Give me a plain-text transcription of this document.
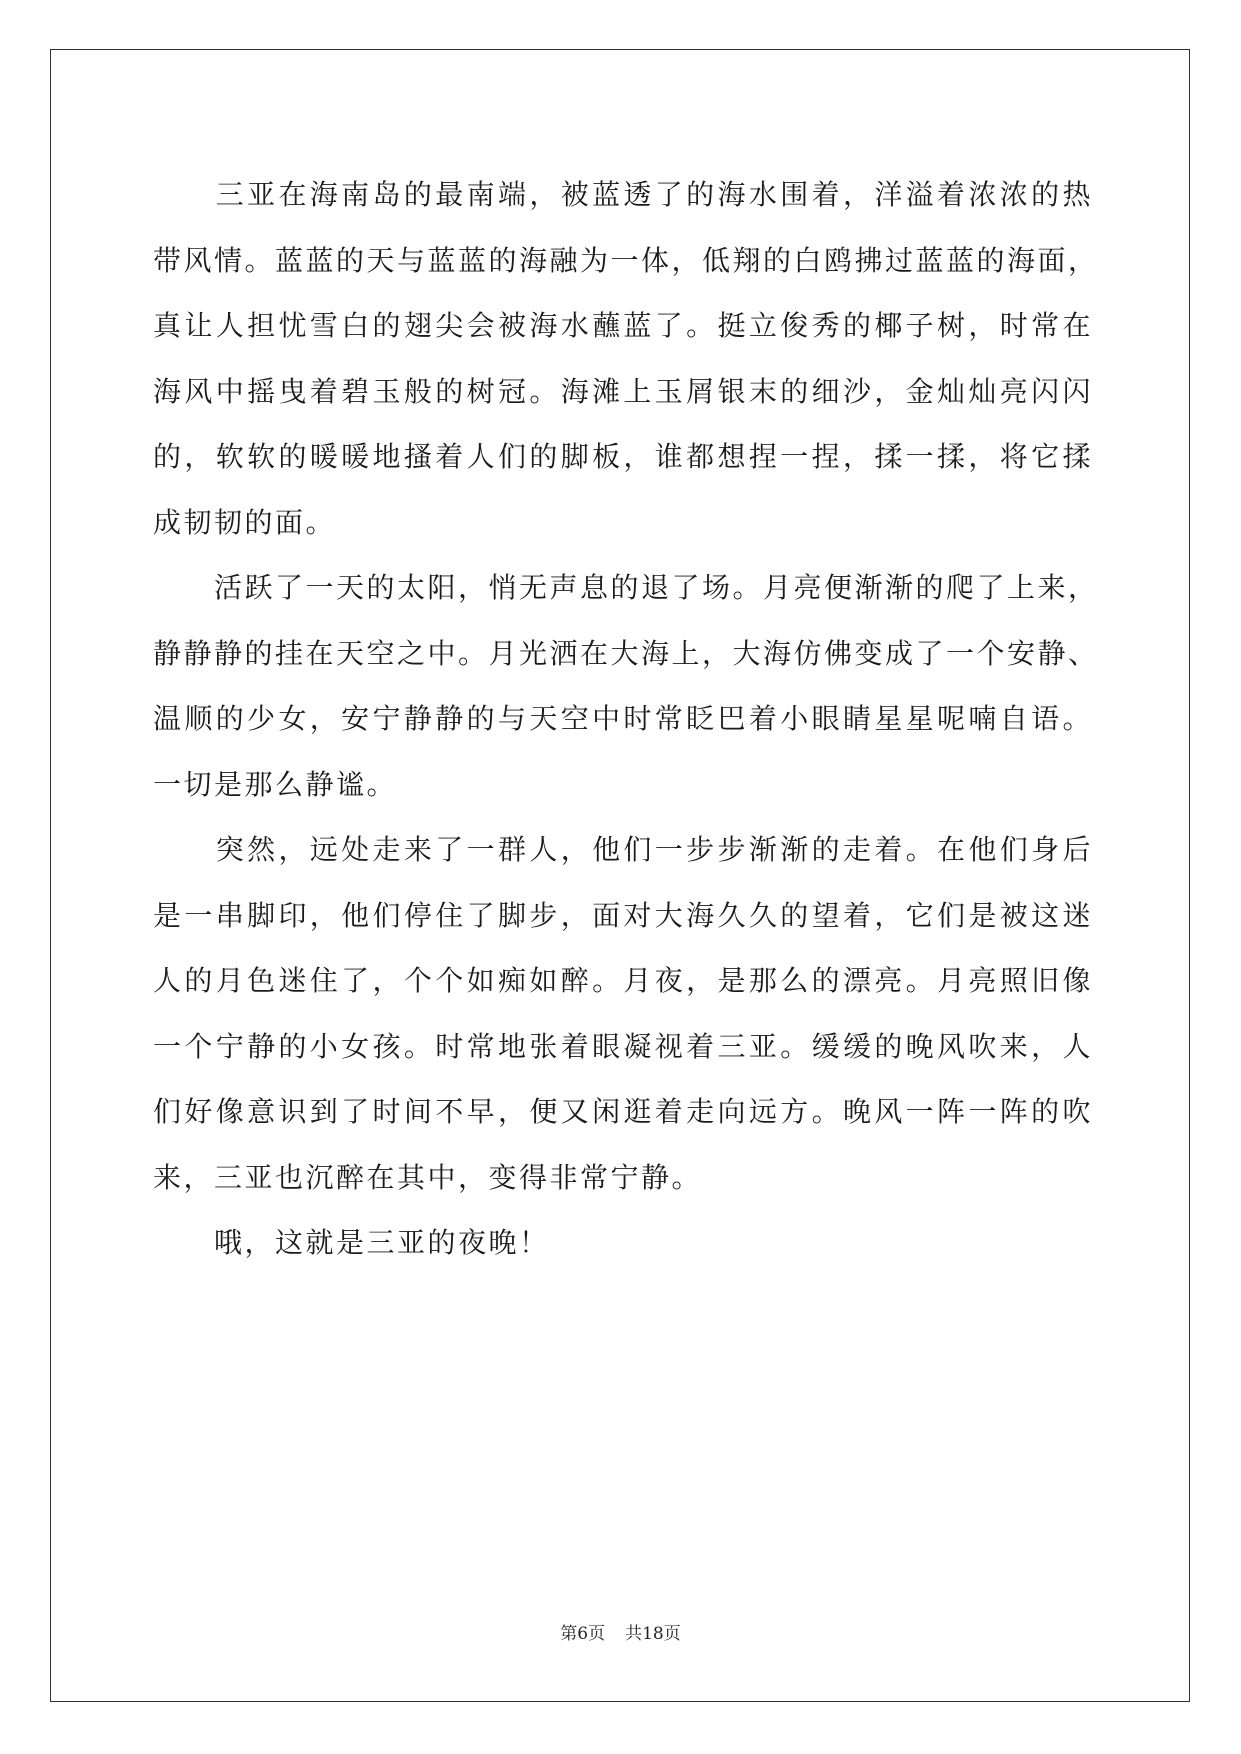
　　三亚在海南岛的最南端，被蓝透了的海水围着，洋溢着浓浓的热
带风情。蓝蓝的天与蓝蓝的海融为一体，低翔的白鸥拂过蓝蓝的海面，
真让人担忧雪白的翅尖会被海水蘸蓝了。挺立俊秀的椰子树，时常在
海风中摇曳着碧玉般的树冠。海滩上玉屑银末的细沙，金灿灿亮闪闪
的，软软的暖暖地搔着人们的脚板，谁都想捏一捏，揉一揉，将它揉
成韧韧的面。
　　活跃了一天的太阳，悄无声息的退了场。月亮便渐渐的爬了上来，
静静静的挂在天空之中。月光洒在大海上，大海仿佛变成了一个安静、
温顺的少女，安宁静静的与天空中时常眨巴着小眼睛星星呢喃自语。
一切是那么静谧。
　　突然，远处走来了一群人，他们一步步渐渐的走着。在他们身后
是一串脚印，他们停住了脚步，面对大海久久的望着，它们是被这迷
人的月色迷住了，个个如痴如醉。月夜，是那么的漂亮。月亮照旧像
一个宁静的小女孩。时常地张着眼凝视着三亚。缓缓的晚风吹来，人
们好像意识到了时间不早，便又闲逛着走向远方。晚风一阵一阵的吹
来，三亚也沉醉在其中，变得非常宁静。
　　哦，这就是三亚的夜晚！
第6页 共18页
